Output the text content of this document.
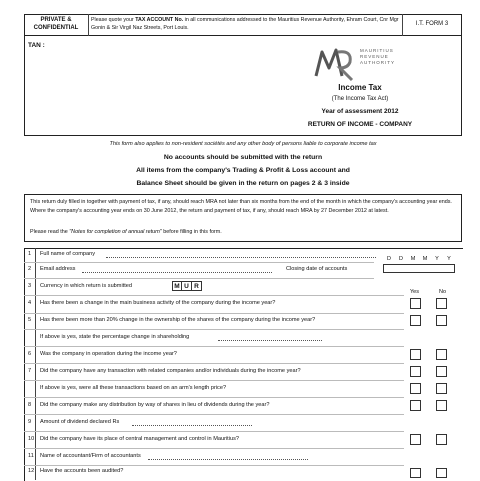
PRIVATE & CONFIDENTIAL
Please quote your TAX ACCOUNT No. in all communications addressed to the Mauritius Revenue Authority, Ehram Court, Cnr Mgr Gonin & Sir Virgil Naz Streets, Port Louis.
I.T. FORM 3
TAN :
MAURITIUS
REVENUE
AUTHORITY
Income Tax
(The Income Tax Act)
Year of assessment 2012
RETURN OF INCOME - COMPANY
This form also applies to non-resident sociétés and any other body of persons liable to corporate income tax
No accounts should be submitted with the return
All items from the company's Trading & Profit & Loss account and
Balance Sheet should be given in the return on pages 2 & 3 inside
This return duly filled in together with payment of tax, if any, should reach MRA not later than six months from the end of the month in which the company's accounting year ends. Where the company's accounting year ends on 30 June 2012, the return and payment of tax, if any, should reach MRA by 27 December 2012 at latest.
Please read the "Notes for completion of annual return" before filling in this form.
D D M M Y Y
1	Full name of company
2	Email address	Closing date of accounts
3	Currency in which return is submitted	M U R
Yes	No
4	Has there been a change in the main business activity of the company during the income year?
5	Has there been more than 20% change in the ownership of the shares of the company during the income year?
If above is yes, state the percentage change in shareholding
6	Was the company in operation during the income year?
7	Did the company have any transaction with related companies and/or individuals during the income year?
If above is yes, were all these transactions based on an arm's length price?
8	Did the company make any distribution by way of shares in lieu of dividends during the year?
9	Amount of dividend declared Rs
10	Did the company have its place of central management and control in Mauritius?
11	Name of accountant/Firm of accountants
12	Have the accounts been audited?
